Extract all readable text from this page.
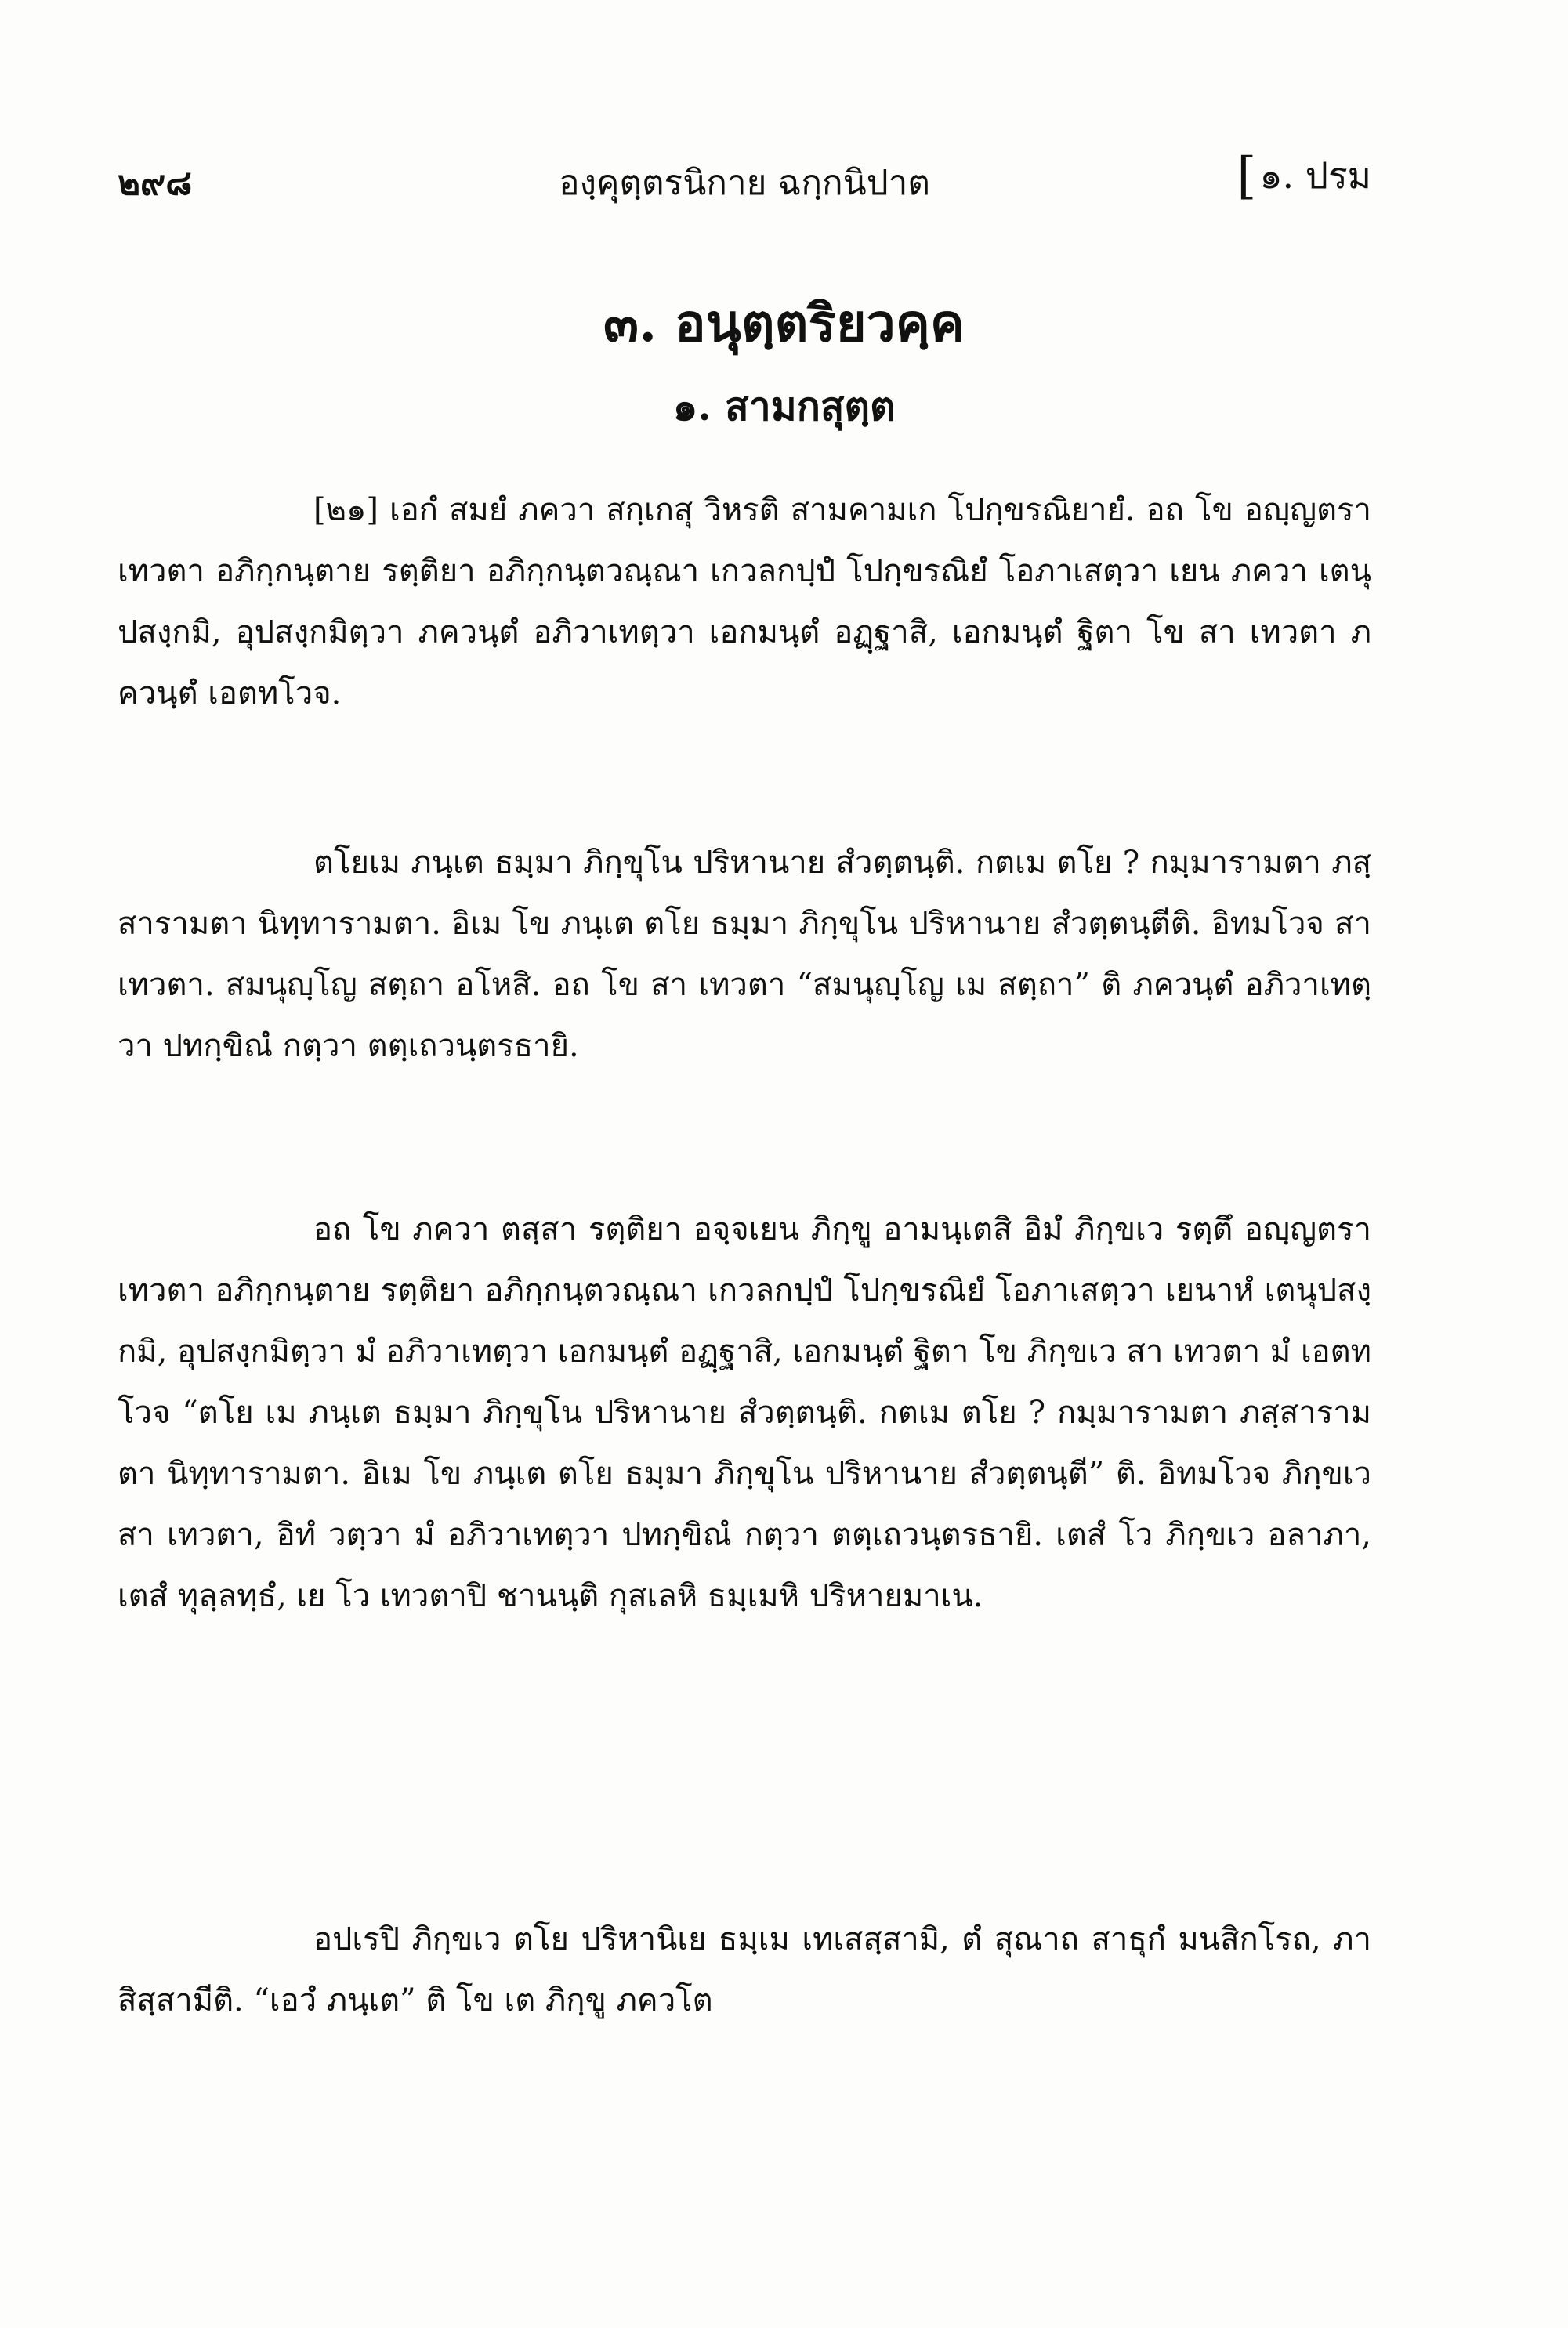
๒๙๘	องฺคุตฺตรนิกาย ฉกฺกนิปาต	[๑. ปรม
๓. อนุตฺตริยวคฺค
๑. สามกสุตฺต

[๒๑] เอกํ สมยํ ภควา สกฺเกสุ วิหรติ สามคามเก โปกฺขรณิยายํ. อถ โข อญฺญตรา เทวตา อภิกฺกนฺตาย รตฺติยา อภิกฺกนฺตวณฺณา เกวลกปฺปํ โปกฺขรณิยํ โอภาเสตฺวา เยน ภควา เตนุปสงฺกมิ, อุปสงฺกมิตฺวา ภควนฺตํ อภิวาเทตฺวา เอกมนฺตํ อฏฺฐาสิ, เอกมนฺตํ ฐิตา โข สา เทวตา ภควนฺตํ เอตทโวจ.

ตโยเม ภนฺเต ธมฺมา ภิกฺขุโน ปริหานาย สํวตฺตนฺติ. กตเม ตโย ? กมฺมารามตา ภสฺสารามตา นิทฺทารามตา. อิเม โข ภนฺเต ตโย ธมฺมา ภิกฺขุโน ปริหานาย สํวตฺตนฺตีติ. อิทมโวจ สา เทวตา. สมนุญฺโญ สตฺถา อโหสิ. อถ โข สา เทวตา “สมนุญฺโญ เม สตฺถา” ติ ภควนฺตํ อภิวาเทตฺวา ปทกฺขิณํ กตฺวา ตตฺเถวนฺตรธายิ.

อถ โข ภควา ตสฺสา รตฺติยา อจฺจเยน ภิกฺขู อามนฺเตสิ อิมํ ภิกฺขเว รตฺตึ อญฺญตรา เทวตา อภิกฺกนฺตาย รตฺติยา อภิกฺกนฺตวณฺณา เกวลกปฺปํ โปกฺขรณิยํ โอภาเสตฺวา เยนาหํ เตนุปสงฺกมิ, อุปสงฺกมิตฺวา มํ อภิวาเทตฺวา เอกมนฺตํ อฏฺฐาสิ, เอกมนฺตํ ฐิตา โข ภิกฺขเว สา เทวตา มํ เอตทโวจ “ตโย เม ภนฺเต ธมฺมา ภิกฺขุโน ปริหานาย สํวตฺตนฺติ. กตเม ตโย ? กมฺมารามตา ภสฺสารามตา นิทฺทารามตา. อิเม โข ภนฺเต ตโย ธมฺมา ภิกฺขุโน ปริหานาย สํวตฺตนฺตี” ติ. อิทมโวจ ภิกฺขเว สา เทวตา, อิทํ วตฺวา มํ อภิวาเทตฺวา ปทกฺขิณํ กตฺวา ตตฺเถวนฺตรธายิ. เตสํ โว ภิกฺขเว อลาภา, เตสํ ทุลฺลทฺธํ, เย โว เทวตาปิ ชานนฺติ กุสเลหิ ธมฺเมหิ ปริหายมาเน.

อปเรปิ ภิกฺขเว ตโย ปริหานิเย ธมฺเม เทเสสฺสามิ, ตํ สุณาถ สาธุกํ มนสิกโรถ, ภาสิสฺสามีติ. “เอวํ ภนฺเต” ติ โข เต ภิกฺขู ภควโต
